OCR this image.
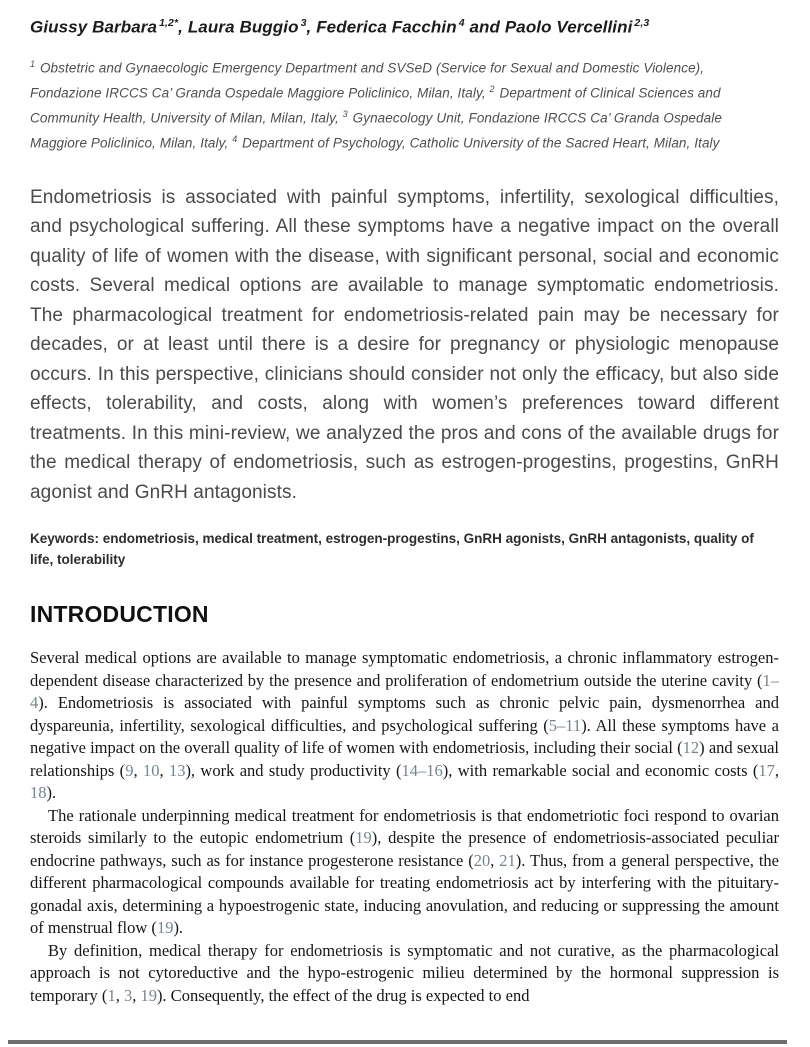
Giussy Barbara $^{1,2*}$, Laura Buggio $^3$, Federica Facchin $^4$ and Paolo Vercellini $^{2,3}$
$^1$ Obstetric and Gynaecologic Emergency Department and SVSeD (Service for Sexual and Domestic Violence), Fondazione IRCCS Ca’ Granda Ospedale Maggiore Policlinico, Milan, Italy, $^2$ Department of Clinical Sciences and Community Health, University of Milan, Milan, Italy, $^3$ Gynaecology Unit, Fondazione IRCCS Ca’ Granda Ospedale Maggiore Policlinico, Milan, Italy, $^4$ Department of Psychology, Catholic University of the Sacred Heart, Milan, Italy
Endometriosis is associated with painful symptoms, infertility, sexological difficulties, and psychological suffering. All these symptoms have a negative impact on the overall quality of life of women with the disease, with significant personal, social and economic costs. Several medical options are available to manage symptomatic endometriosis. The pharmacological treatment for endometriosis-related pain may be necessary for decades, or at least until there is a desire for pregnancy or physiologic menopause occurs. In this perspective, clinicians should consider not only the efficacy, but also side effects, tolerability, and costs, along with women’s preferences toward different treatments. In this mini-review, we analyzed the pros and cons of the available drugs for the medical therapy of endometriosis, such as estrogen-progestins, progestins, GnRH agonist and GnRH antagonists.
Keywords: endometriosis, medical treatment, estrogen-progestins, GnRH agonists, GnRH antagonists, quality of life, tolerability
INTRODUCTION
Several medical options are available to manage symptomatic endometriosis, a chronic inflammatory estrogen-dependent disease characterized by the presence and proliferation of endometrium outside the uterine cavity (1–4). Endometriosis is associated with painful symptoms such as chronic pelvic pain, dysmenorrhea and dyspareunia, infertility, sexological difficulties, and psychological suffering (5–11). All these symptoms have a negative impact on the overall quality of life of women with endometriosis, including their social (12) and sexual relationships (9, 10, 13), work and study productivity (14–16), with remarkable social and economic costs (17, 18).
The rationale underpinning medical treatment for endometriosis is that endometriotic foci respond to ovarian steroids similarly to the eutopic endometrium (19), despite the presence of endometriosis-associated peculiar endocrine pathways, such as for instance progesterone resistance (20, 21). Thus, from a general perspective, the different pharmacological compounds available for treating endometriosis act by interfering with the pituitary-gonadal axis, determining a hypoestrogenic state, inducing anovulation, and reducing or suppressing the amount of menstrual flow (19).
By definition, medical therapy for endometriosis is symptomatic and not curative, as the pharmacological approach is not cytoreductive and the hypo-estrogenic milieu determined by the hormonal suppression is temporary (1, 3, 19). Consequently, the effect of the drug is expected to end
